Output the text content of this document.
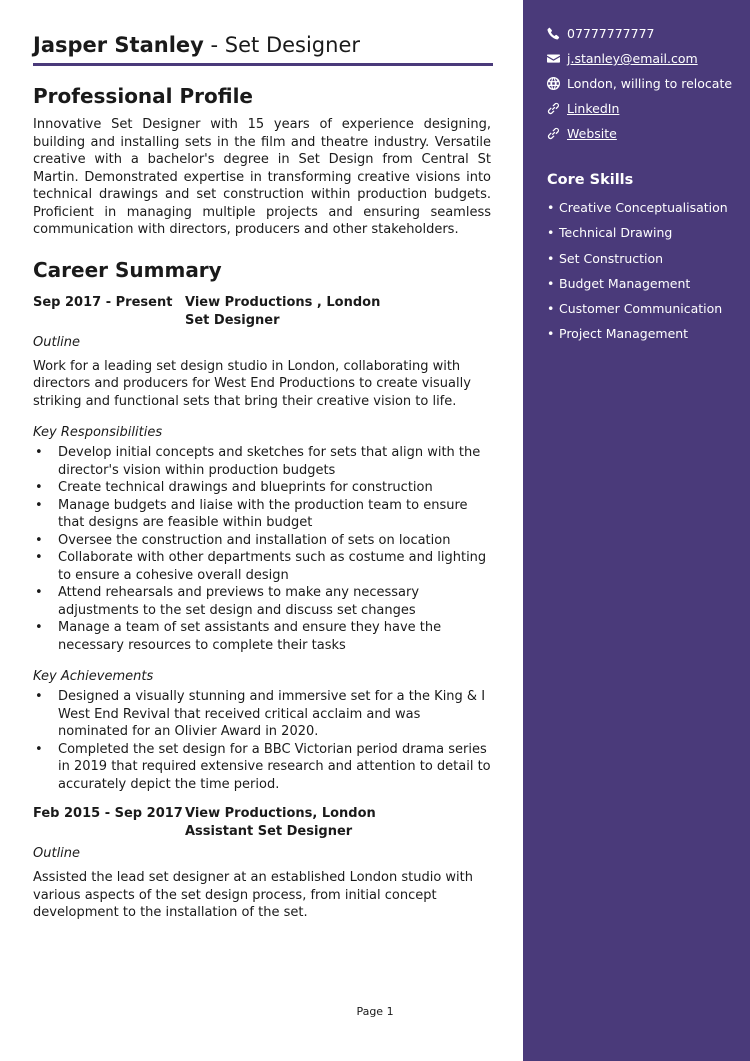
Jasper Stanley - Set Designer
Professional Profile

Innovative Set Designer with 15 years of experience designing, building and installing sets in the film and theatre industry. Versatile creative with a bachelor's degree in Set Design from Central St Martin. Demonstrated expertise in transforming creative visions into technical drawings and set construction within production budgets. Proficient in managing multiple projects and ensuring seamless communication with directors, producers and other stakeholders.

Career Summary
Sep 2017 - Present View Productions , London
Set Designer
Outline
Work for a leading set design studio in London, collaborating with directors and producers for West End Productions to create visually striking and functional sets that bring their creative vision to life.
Key Responsibilities
• Develop initial concepts and sketches for sets that align with the director's vision within production budgets
• Create technical drawings and blueprints for construction
• Manage budgets and liaise with the production team to ensure that designs are feasible within budget
• Oversee the construction and installation of sets on location
• Collaborate with other departments such as costume and lighting to ensure a cohesive overall design
• Attend rehearsals and previews to make any necessary adjustments to the set design and discuss set changes
• Manage a team of set assistants and ensure they have the necessary resources to complete their tasks
Key Achievements
• Designed a visually stunning and immersive set for a the King & I West End Revival that received critical acclaim and was nominated for an Olivier Award in 2020.
• Completed the set design for a BBC Victorian period drama series in 2019 that required extensive research and attention to detail to accurately depict the time period.
Feb 2015 - Sep 2017 View Productions, London
Assistant Set Designer
Outline
Assisted the lead set designer at an established London studio with various aspects of the set design process, from initial concept development to the installation of the set.
Page 1
07777777777
j.stanley@email.com
London, willing to relocate
LinkedIn
Website
Core Skills
• Creative Conceptualisation
• Technical Drawing
• Set Construction
• Budget Management
• Customer Communication
• Project Management
